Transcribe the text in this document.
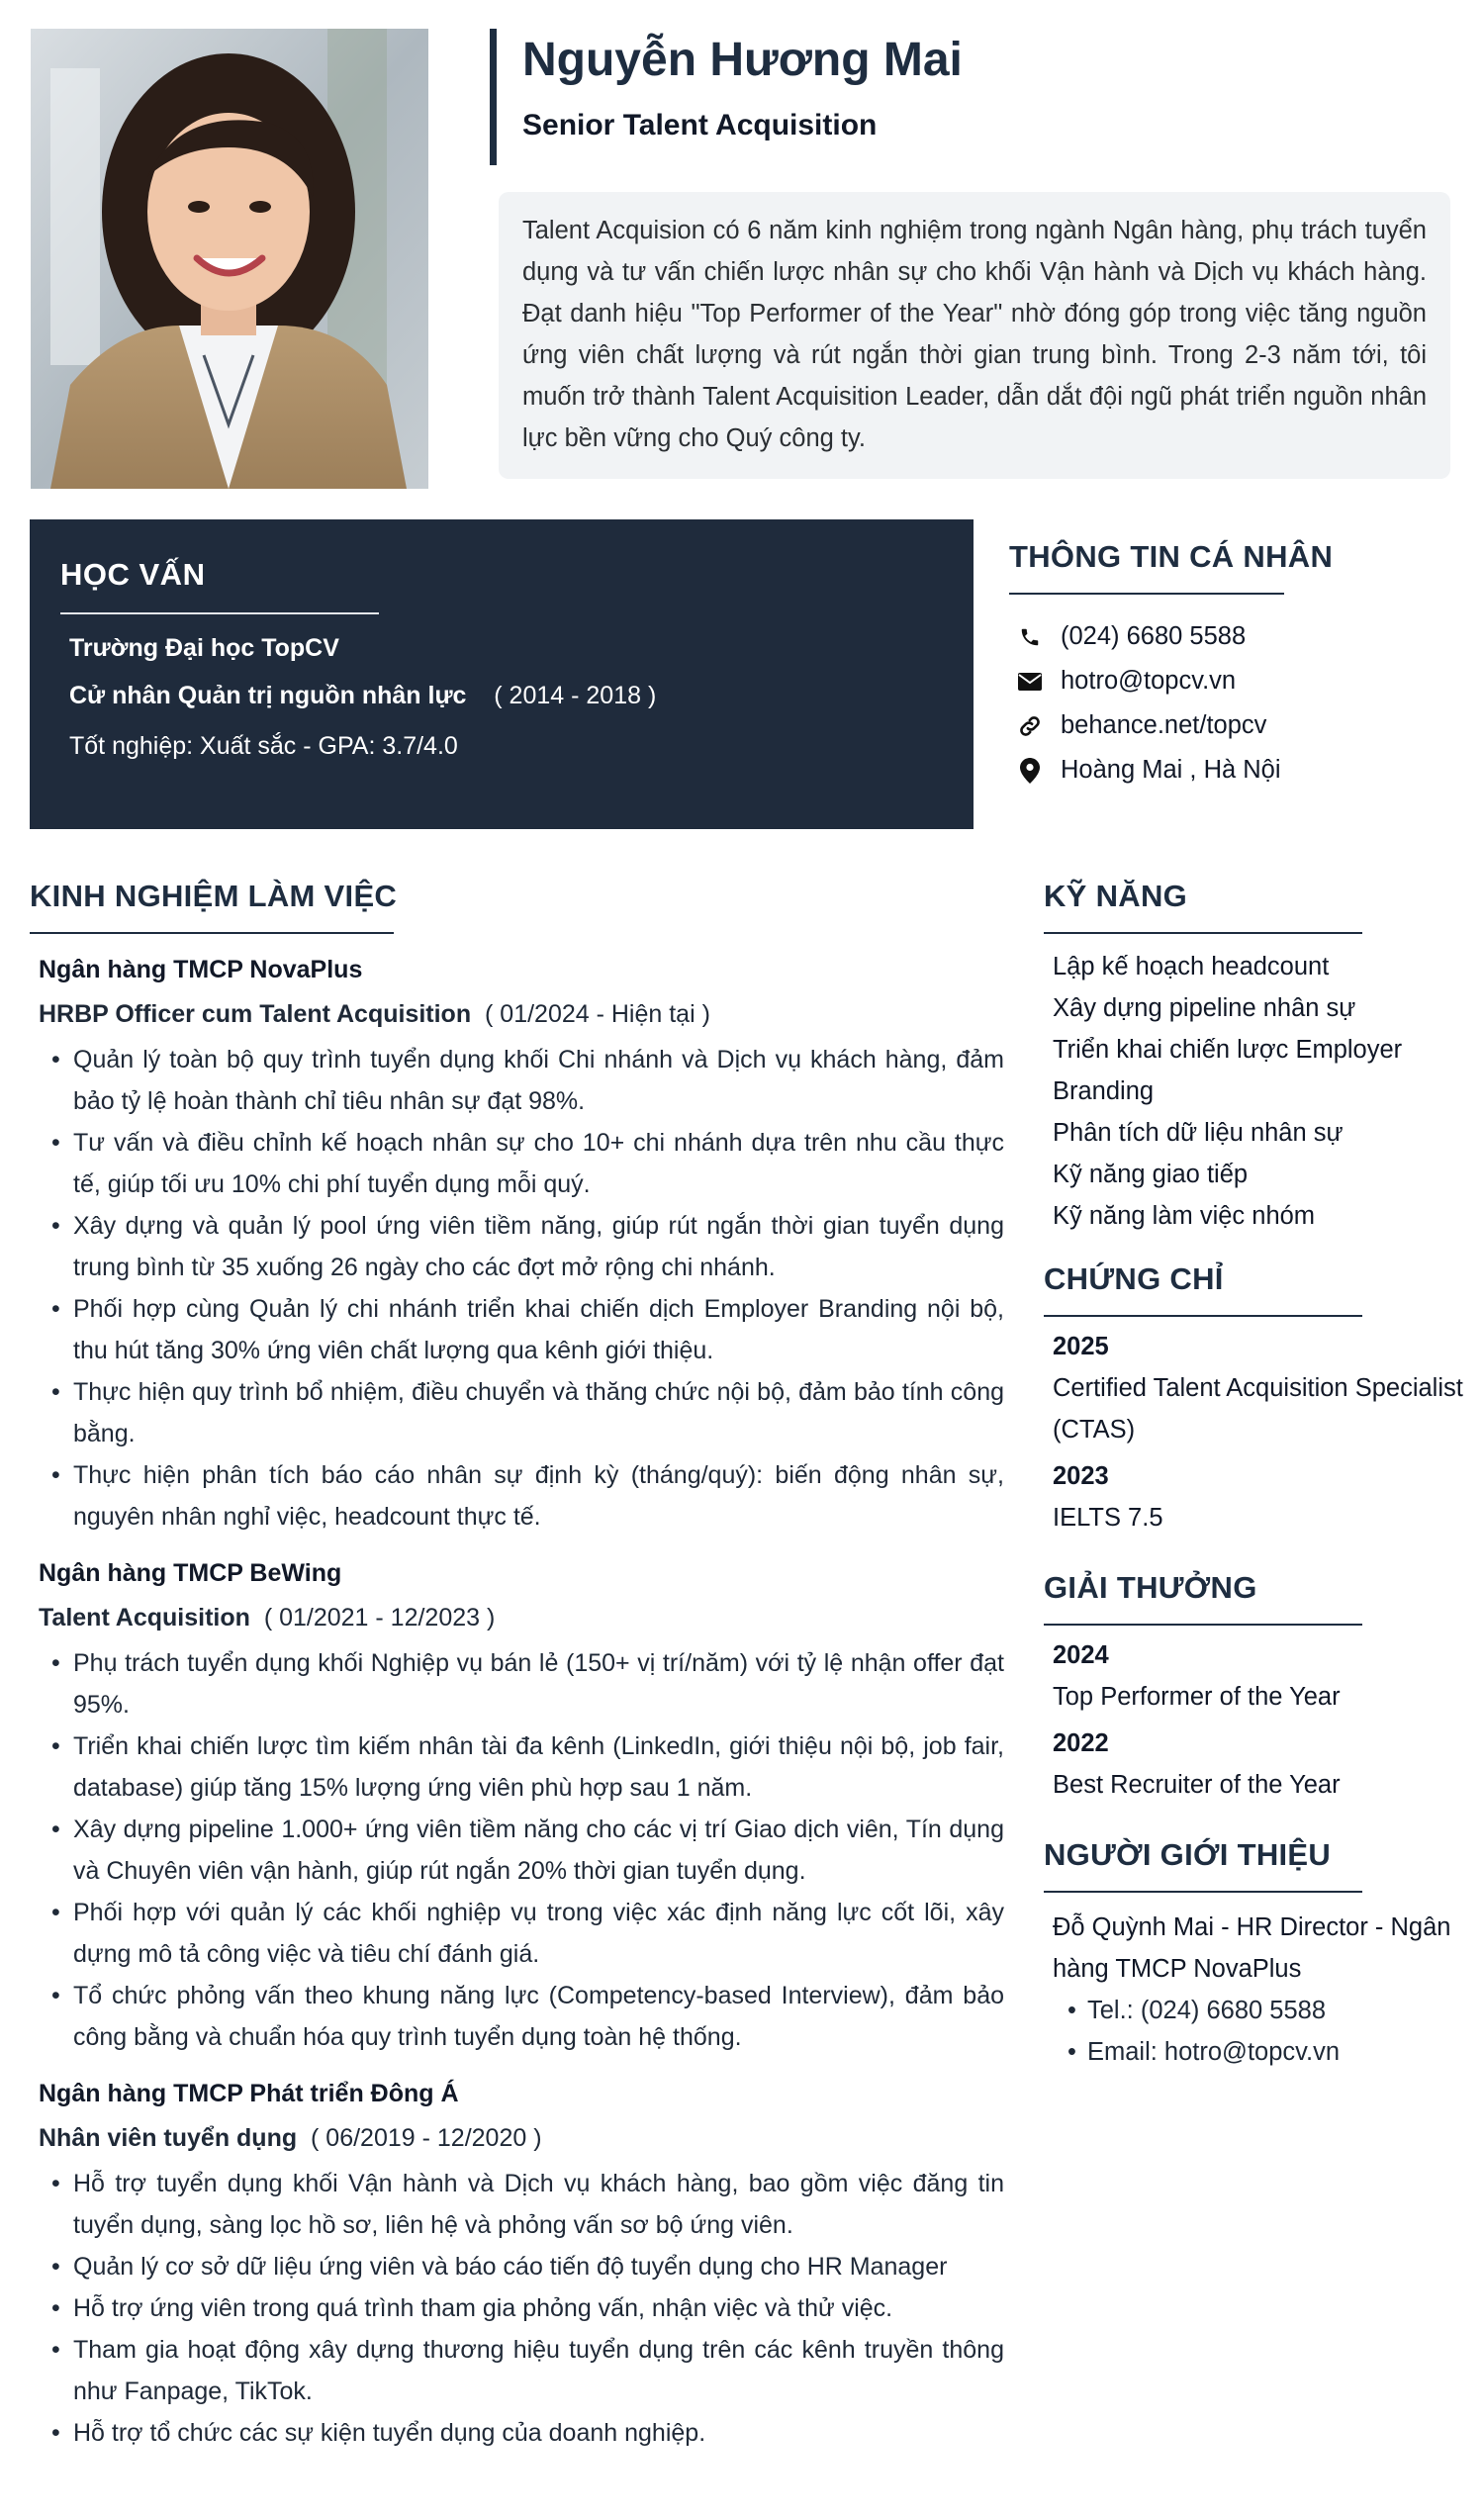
Nguyễn Hương Mai
Senior Talent Acquisition
Talent Acquision có 6 năm kinh nghiệm trong ngành Ngân hàng, phụ trách tuyển dụng và tư vấn chiến lược nhân sự cho khối Vận hành và Dịch vụ khách hàng. Đạt danh hiệu "Top Performer of the Year" nhờ đóng góp trong việc tăng nguồn ứng viên chất lượng và rút ngắn thời gian trung bình. Trong 2-3 năm tới, tôi muốn trở thành Talent Acquisition Leader, dẫn dắt đội ngũ phát triển nguồn nhân lực bền vững cho Quý công ty.
HỌC VẤN
Trường Đại học TopCV
Cử nhân Quản trị nguồn nhân lực ( 2014 - 2018 )
Tốt nghiệp: Xuất sắc - GPA: 3.7/4.0
THÔNG TIN CÁ NHÂN
(024) 6680 5588
hotro@topcv.vn
behance.net/topcv
Hoàng Mai , Hà Nội
KINH NGHIỆM LÀM VIỆC
Ngân hàng TMCP NovaPlus
HRBP Officer cum Talent Acquisition ( 01/2024 - Hiện tại )
• Quản lý toàn bộ quy trình tuyển dụng khối Chi nhánh và Dịch vụ khách hàng, đảm bảo tỷ lệ hoàn thành chỉ tiêu nhân sự đạt 98%.
• Tư vấn và điều chỉnh kế hoạch nhân sự cho 10+ chi nhánh dựa trên nhu cầu thực tế, giúp tối ưu 10% chi phí tuyển dụng mỗi quý.
• Xây dựng và quản lý pool ứng viên tiềm năng, giúp rút ngắn thời gian tuyển dụng trung bình từ 35 xuống 26 ngày cho các đợt mở rộng chi nhánh.
• Phối hợp cùng Quản lý chi nhánh triển khai chiến dịch Employer Branding nội bộ, thu hút tăng 30% ứng viên chất lượng qua kênh giới thiệu.
• Thực hiện quy trình bổ nhiệm, điều chuyển và thăng chức nội bộ, đảm bảo tính công bằng.
• Thực hiện phân tích báo cáo nhân sự định kỳ (tháng/quý): biến động nhân sự, nguyên nhân nghỉ việc, headcount thực tế.
Ngân hàng TMCP BeWing
Talent Acquisition ( 01/2021 - 12/2023 )
• Phụ trách tuyển dụng khối Nghiệp vụ bán lẻ (150+ vị trí/năm) với tỷ lệ nhận offer đạt 95%.
• Triển khai chiến lược tìm kiếm nhân tài đa kênh (LinkedIn, giới thiệu nội bộ, job fair, database) giúp tăng 15% lượng ứng viên phù hợp sau 1 năm.
• Xây dựng pipeline 1.000+ ứng viên tiềm năng cho các vị trí Giao dịch viên, Tín dụng và Chuyên viên vận hành, giúp rút ngắn 20% thời gian tuyển dụng.
• Phối hợp với quản lý các khối nghiệp vụ trong việc xác định năng lực cốt lõi, xây dựng mô tả công việc và tiêu chí đánh giá.
• Tổ chức phỏng vấn theo khung năng lực (Competency-based Interview), đảm bảo công bằng và chuẩn hóa quy trình tuyển dụng toàn hệ thống.
Ngân hàng TMCP Phát triển Đông Á
Nhân viên tuyển dụng ( 06/2019 - 12/2020 )
• Hỗ trợ tuyển dụng khối Vận hành và Dịch vụ khách hàng, bao gồm việc đăng tin tuyển dụng, sàng lọc hồ sơ, liên hệ và phỏng vấn sơ bộ ứng viên.
• Quản lý cơ sở dữ liệu ứng viên và báo cáo tiến độ tuyển dụng cho HR Manager
• Hỗ trợ ứng viên trong quá trình tham gia phỏng vấn, nhận việc và thử việc.
• Tham gia hoạt động xây dựng thương hiệu tuyển dụng trên các kênh truyền thông như Fanpage, TikTok.
• Hỗ trợ tổ chức các sự kiện tuyển dụng của doanh nghiệp.
KỸ NĂNG
Lập kế hoạch headcount
Xây dựng pipeline nhân sự
Triển khai chiến lược Employer Branding
Phân tích dữ liệu nhân sự
Kỹ năng giao tiếp
Kỹ năng làm việc nhóm
CHỨNG CHỈ
2025
Certified Talent Acquisition Specialist (CTAS)
2023
IELTS 7.5
GIẢI THƯỞNG
2024
Top Performer of the Year
2022
Best Recruiter of the Year
NGƯỜI GIỚI THIỆU
Đỗ Quỳnh Mai - HR Director - Ngân hàng TMCP NovaPlus
• Tel.: (024) 6680 5588
• Email: hotro@topcv.vn
